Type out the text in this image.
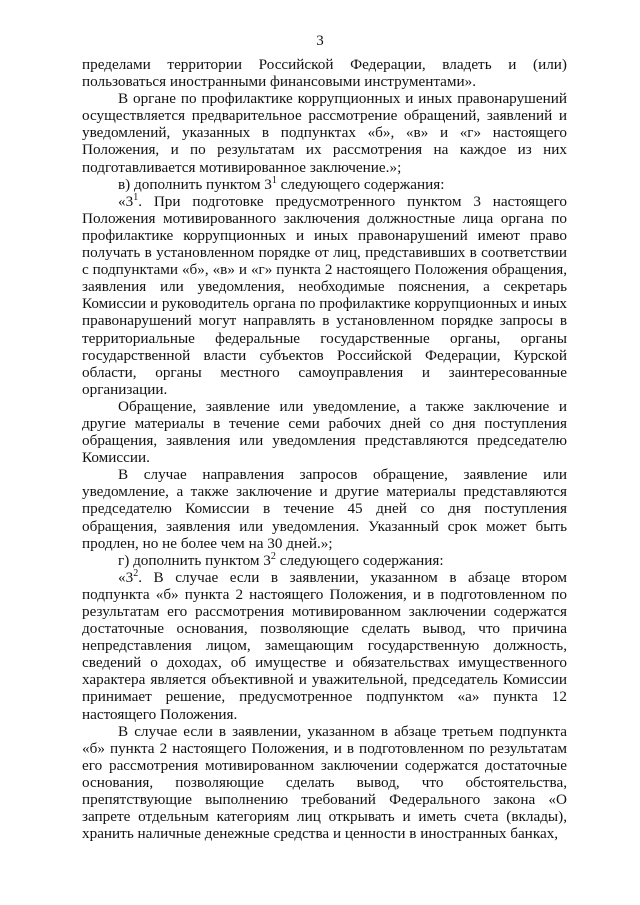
3

пределами территории Российской Федерации, владеть и (или) пользоваться иностранными финансовыми инструментами».

В органе по профилактике коррупционных и иных правонарушений осуществляется предварительное рассмотрение обращений, заявлений и уведомлений, указанных в подпунктах «б», «в» и «г» настоящего Положения, и по результатам их рассмотрения на каждое из них подготавливается мотивированное заключение.»;

в) дополнить пунктом $3^1$ следующего содержания:

«$3^1$. При подготовке предусмотренного пунктом 3 настоящего Положения мотивированного заключения должностные лица органа по профилактике коррупционных и иных правонарушений имеют право получать в установленном порядке от лиц, представивших в соответствии с подпунктами «б», «в» и «г» пункта 2 настоящего Положения обращения, заявления или уведомления, необходимые пояснения, а секретарь Комиссии и руководитель органа по профилактике коррупционных и иных правонарушений могут направлять в установленном порядке запросы в территориальные федеральные государственные органы, органы государственной власти субъектов Российской Федерации, Курской области, органы местного самоуправления и заинтересованные организации.

Обращение, заявление или уведомление, а также заключение и другие материалы в течение семи рабочих дней со дня поступления обращения, заявления или уведомления представляются председателю Комиссии.

В случае направления запросов обращение, заявление или уведомление, а также заключение и другие материалы представляются председателю Комиссии в течение 45 дней со дня поступления обращения, заявления или уведомления. Указанный срок может быть продлен, но не более чем на 30 дней.»;

г) дополнить пунктом $3^2$ следующего содержания:

«$3^2$. В случае если в заявлении, указанном в абзаце втором подпункта «б» пункта 2 настоящего Положения, и в подготовленном по результатам его рассмотрения мотивированном заключении содержатся достаточные основания, позволяющие сделать вывод, что причина непредставления лицом, замещающим государственную должность, сведений о доходах, об имуществе и обязательствах имущественного характера является объективной и уважительной, председатель Комиссии принимает решение, предусмотренное подпунктом «а» пункта 12 настоящего Положения.

В случае если в заявлении, указанном в абзаце третьем подпункта «б» пункта 2 настоящего Положения, и в подготовленном по результатам его рассмотрения мотивированном заключении содержатся достаточные основания, позволяющие сделать вывод, что обстоятельства, препятствующие выполнению требований Федерального закона «О запрете отдельным категориям лиц открывать и иметь счета (вклады), хранить наличные денежные средства и ценности в иностранных банках,
